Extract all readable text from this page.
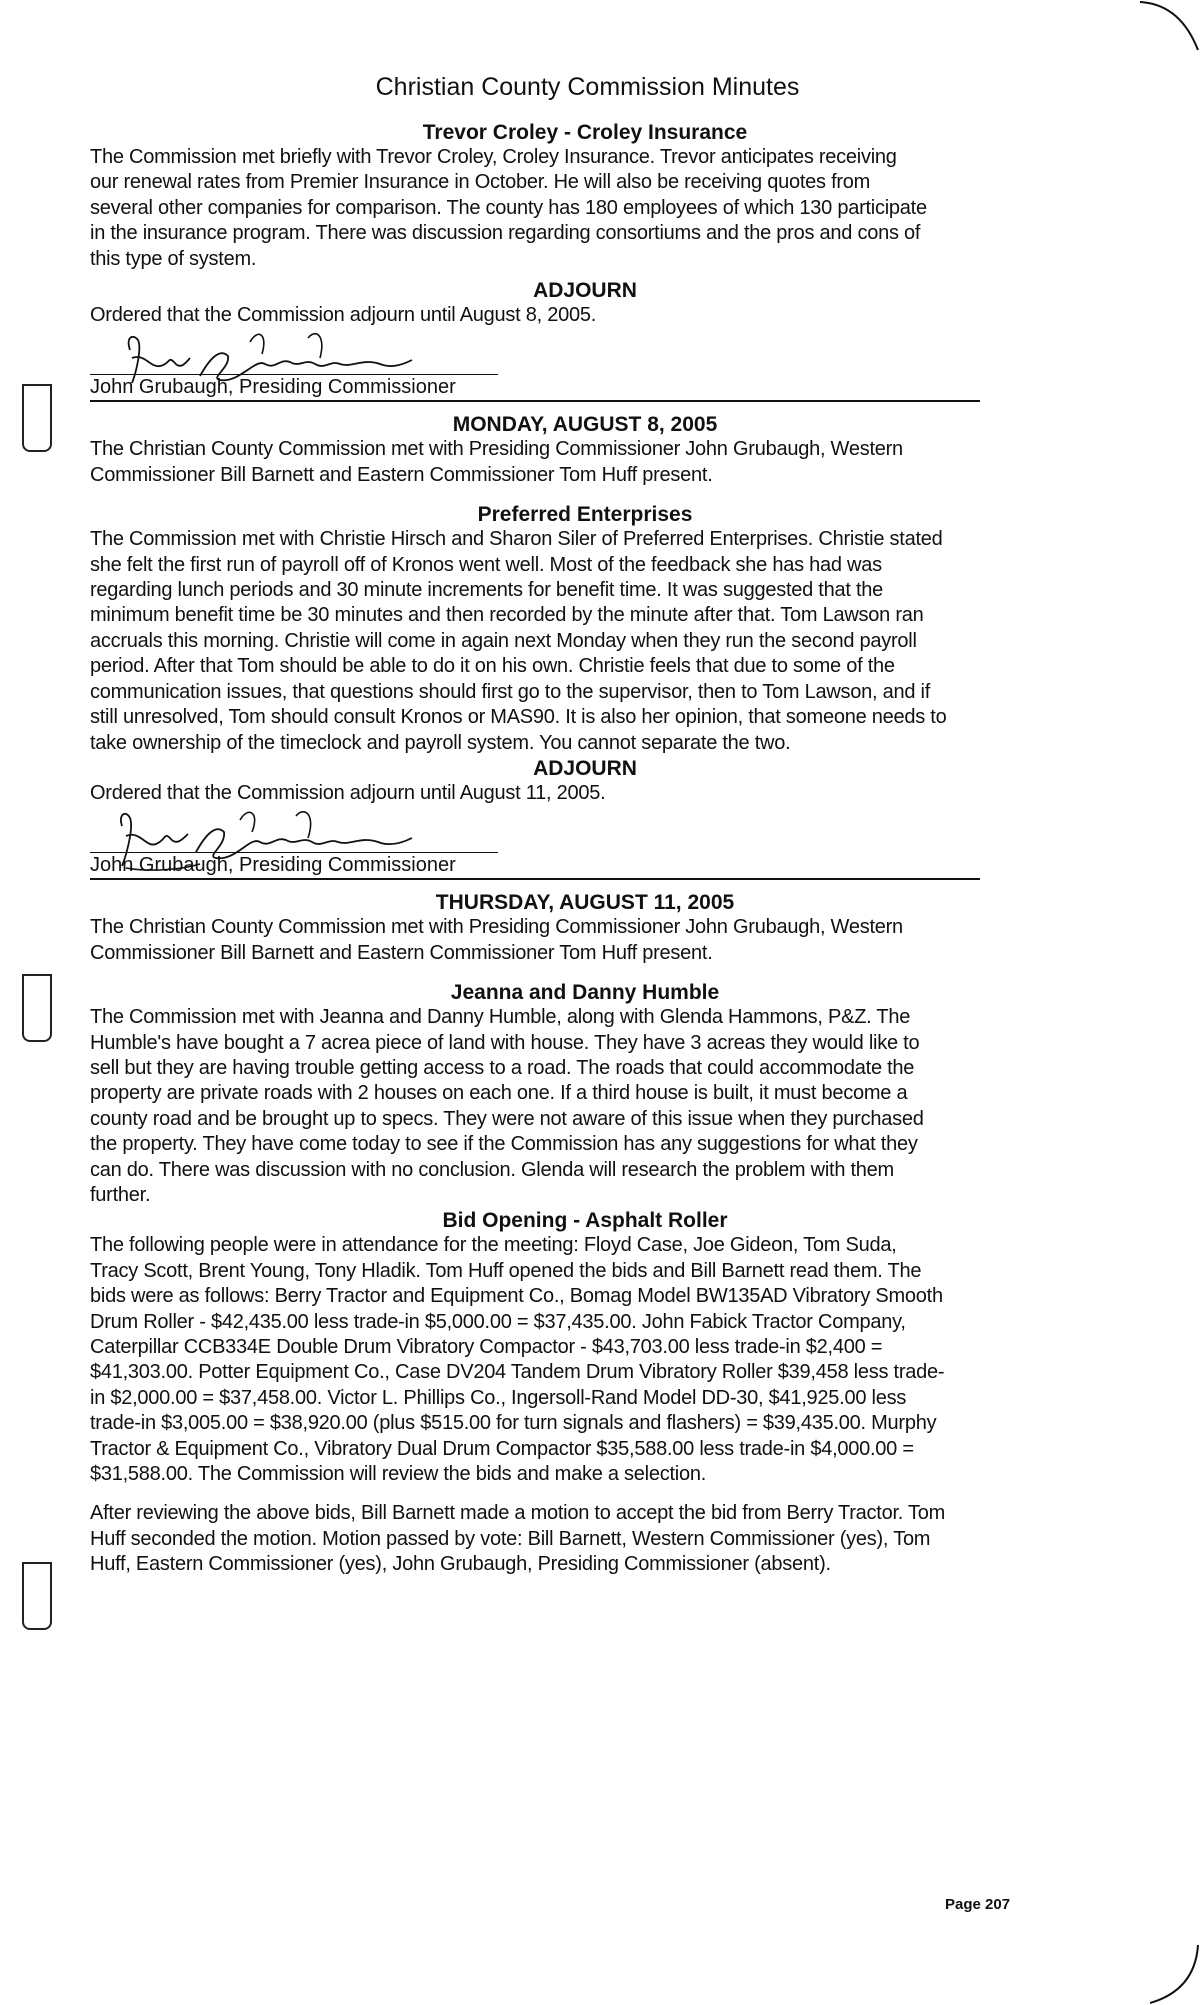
Christian County Commission Minutes
Trevor Croley - Croley Insurance
The Commission met briefly with Trevor Croley, Croley Insurance. Trevor anticipates receiving
our renewal rates from Premier Insurance in October. He will also be receiving quotes from
several other companies for comparison. The county has 180 employees of which 130 participate
in the insurance program. There was discussion regarding consortiums and the pros and cons of
this type of system.
ADJOURN
Ordered that the Commission adjourn until August 8, 2005.
John Grubaugh, Presiding Commissioner
MONDAY, AUGUST 8, 2005
The Christian County Commission met with Presiding Commissioner John Grubaugh, Western
Commissioner Bill Barnett and Eastern Commissioner Tom Huff present.
Preferred Enterprises
The Commission met with Christie Hirsch and Sharon Siler of Preferred Enterprises. Christie stated
she felt the first run of payroll off of Kronos went well. Most of the feedback she has had was
regarding lunch periods and 30 minute increments for benefit time. It was suggested that the
minimum benefit time be 30 minutes and then recorded by the minute after that. Tom Lawson ran
accruals this morning. Christie will come in again next Monday when they run the second payroll
period. After that Tom should be able to do it on his own. Christie feels that due to some of the
communication issues, that questions should first go to the supervisor, then to Tom Lawson, and if
still unresolved, Tom should consult Kronos or MAS90. It is also her opinion, that someone needs to
take ownership of the timeclock and payroll system. You cannot separate the two.
ADJOURN
Ordered that the Commission adjourn until August 11, 2005.
John Grubaugh, Presiding Commissioner
THURSDAY, AUGUST 11, 2005
The Christian County Commission met with Presiding Commissioner John Grubaugh, Western
Commissioner Bill Barnett and Eastern Commissioner Tom Huff present.
Jeanna and Danny Humble
The Commission met with Jeanna and Danny Humble, along with Glenda Hammons, P&Z. The
Humble's have bought a 7 acrea piece of land with house. They have 3 acreas they would like to
sell but they are having trouble getting access to a road. The roads that could accommodate the
property are private roads with 2 houses on each one. If a third house is built, it must become a
county road and be brought up to specs. They were not aware of this issue when they purchased
the property. They have come today to see if the Commission has any suggestions for what they
can do. There was discussion with no conclusion. Glenda will research the problem with them
further.
Bid Opening - Asphalt Roller
The following people were in attendance for the meeting: Floyd Case, Joe Gideon, Tom Suda,
Tracy Scott, Brent Young, Tony Hladik. Tom Huff opened the bids and Bill Barnett read them. The
bids were as follows: Berry Tractor and Equipment Co., Bomag Model BW135AD Vibratory Smooth
Drum Roller - $42,435.00 less trade-in $5,000.00 = $37,435.00. John Fabick Tractor Company,
Caterpillar CCB334E Double Drum Vibratory Compactor - $43,703.00 less trade-in $2,400 =
$41,303.00. Potter Equipment Co., Case DV204 Tandem Drum Vibratory Roller $39,458 less trade-
in $2,000.00 = $37,458.00. Victor L. Phillips Co., Ingersoll-Rand Model DD-30, $41,925.00 less
trade-in $3,005.00 = $38,920.00 (plus $515.00 for turn signals and flashers) = $39,435.00. Murphy
Tractor & Equipment Co., Vibratory Dual Drum Compactor $35,588.00 less trade-in $4,000.00 =
$31,588.00. The Commission will review the bids and make a selection.
After reviewing the above bids, Bill Barnett made a motion to accept the bid from Berry Tractor. Tom
Huff seconded the motion. Motion passed by vote: Bill Barnett, Western Commissioner (yes), Tom
Huff, Eastern Commissioner (yes), John Grubaugh, Presiding Commissioner (absent).
Page 207
